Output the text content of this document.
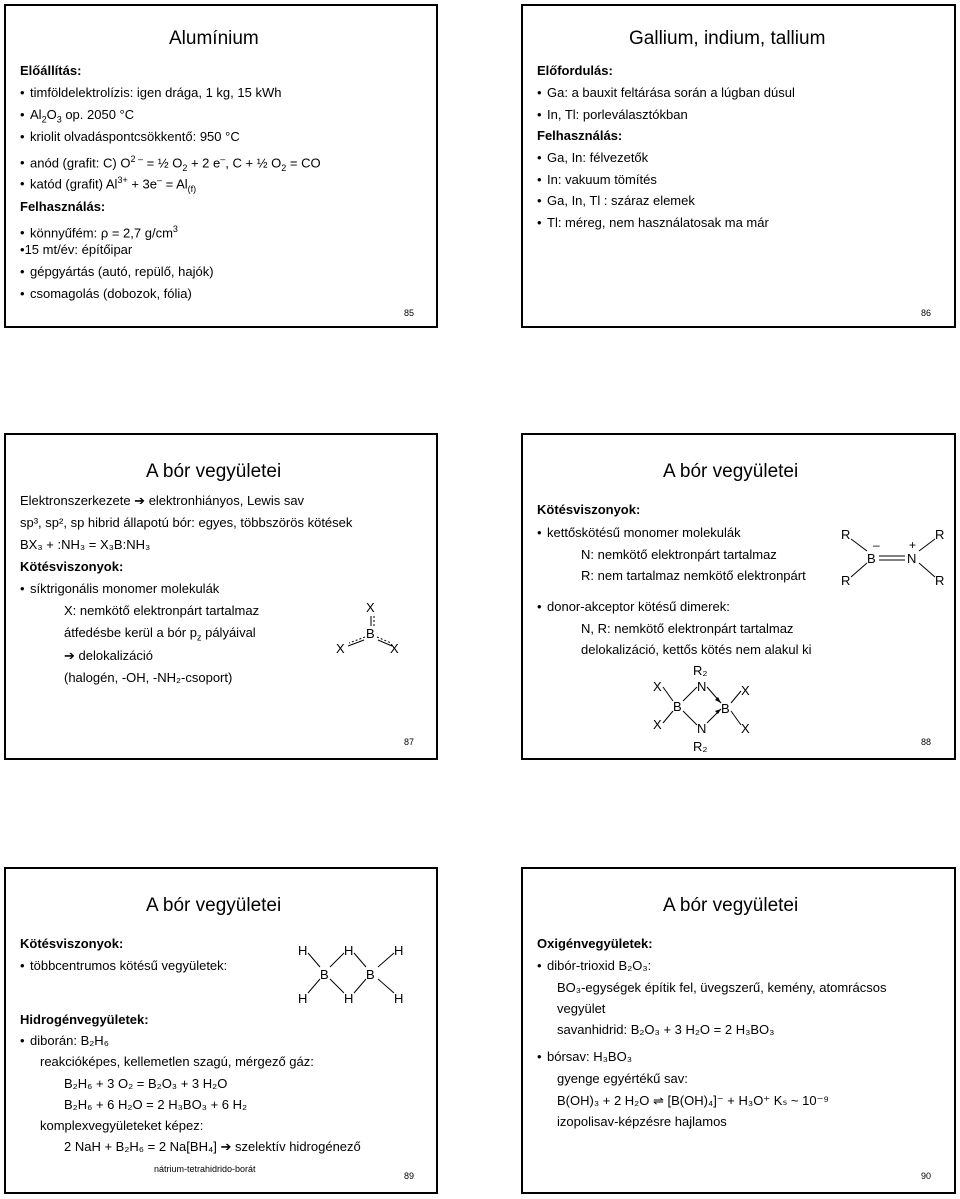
Alumínium
Előállítás:
• timföldelektrolízis: igen drága, 1 kg, 15 kWh
• $Al_2O_3$ op. 2050 °C
• kriolit olvadáspontcsökkentő: 950 °C
• anód (grafit: C) $O^{2 -}$ = ½ $O_2 + 2$ e–, C + ½ $O_2$ = CO
• katód (grafit) $Al^{3+} + 3e^- = Al_{(f)}$
Felhasználás:
• könnyűfém: ρ = 2,7 $g/cm^3$
•15 mt/év: építőipar
• gépgyártás (autó, repülő, hajók)
• csomagolás (dobozok, fólia)
85
Gallium, indium, tallium
Előfordulás:
• Ga: a bauxit feltárása során a lúgban dúsul
• In, Tl: porleválasztókban
Felhasználás:
• Ga, In: félvezetők
• In: vakuum tömítés
• Ga, In, Tl : száraz elemek
• Tl: méreg, nem használatosak ma már
86
A bór vegyületei
Elektronszerkezete ➔ elektronhiányos, Lewis sav
sp³, sp², sp hibrid állapotú bór: egyes, többszörös kötések
BX₃ + :NH₃ = X₃B:NH₃
Kötésviszonyok:
• síktrigonális monomer molekulák
X: nemkötő elektronpárt tartalmaz
átfedésbe kerül a bór $p_z$ pályáival
➔ delokalizáció
(halogén, -OH, -NH₂-csoport)
X
B
X	X
87
A bór vegyületei
Kötésviszonyok:
• kettőskötésű monomer molekulák
N: nemkötő elektronpárt tartalmaz
R: nem tartalmaz nemkötő elektronpárt
• donor-akceptor kötésű dimerek:
N, R: nemkötő elektronpárt tartalmaz
delokalizáció, kettős kötés nem alakul ki
R
R
B N
R
R
– +
R₂
N
X	X
B	B
X	N	X
R₂	88
A bór vegyületei
Kötésviszonyok:
• többcentrumos kötésű vegyületek:
H	H	H
B	B
H	H	H
Hidrogénvegyületek:
• diborán: B₂H₆
reakcióképes, kellemetlen szagú, mérgező gáz:
B₂H₆ + 3 O₂ = B₂O₃ + 3 H₂O
B₂H₆ + 6 H₂O = 2 H₃BO₃ + 6 H₂
komplexvegyületeket képez:
2 NaH + B₂H₆ = 2 Na[BH₄] ➔ szelektív hidrogénező
nátrium-tetrahidrido-borát
89
A bór vegyületei
Oxigénvegyületek:
• dibór-trioxid B₂O₃:
BO₃-egységek építik fel, üvegszerű, kemény, atomrácsos
vegyület
savanhidrid: B₂O₃ + 3 H₂O = 2 H₃BO₃
• bórsav: H₃BO₃
gyenge egyértékű sav:
B(OH)₃ + 2 H₂O ⇌ [B(OH)₄]⁻ + H₃O⁺ Kₛ ~ 10⁻⁹
izopolisav-képzésre hajlamos
90
